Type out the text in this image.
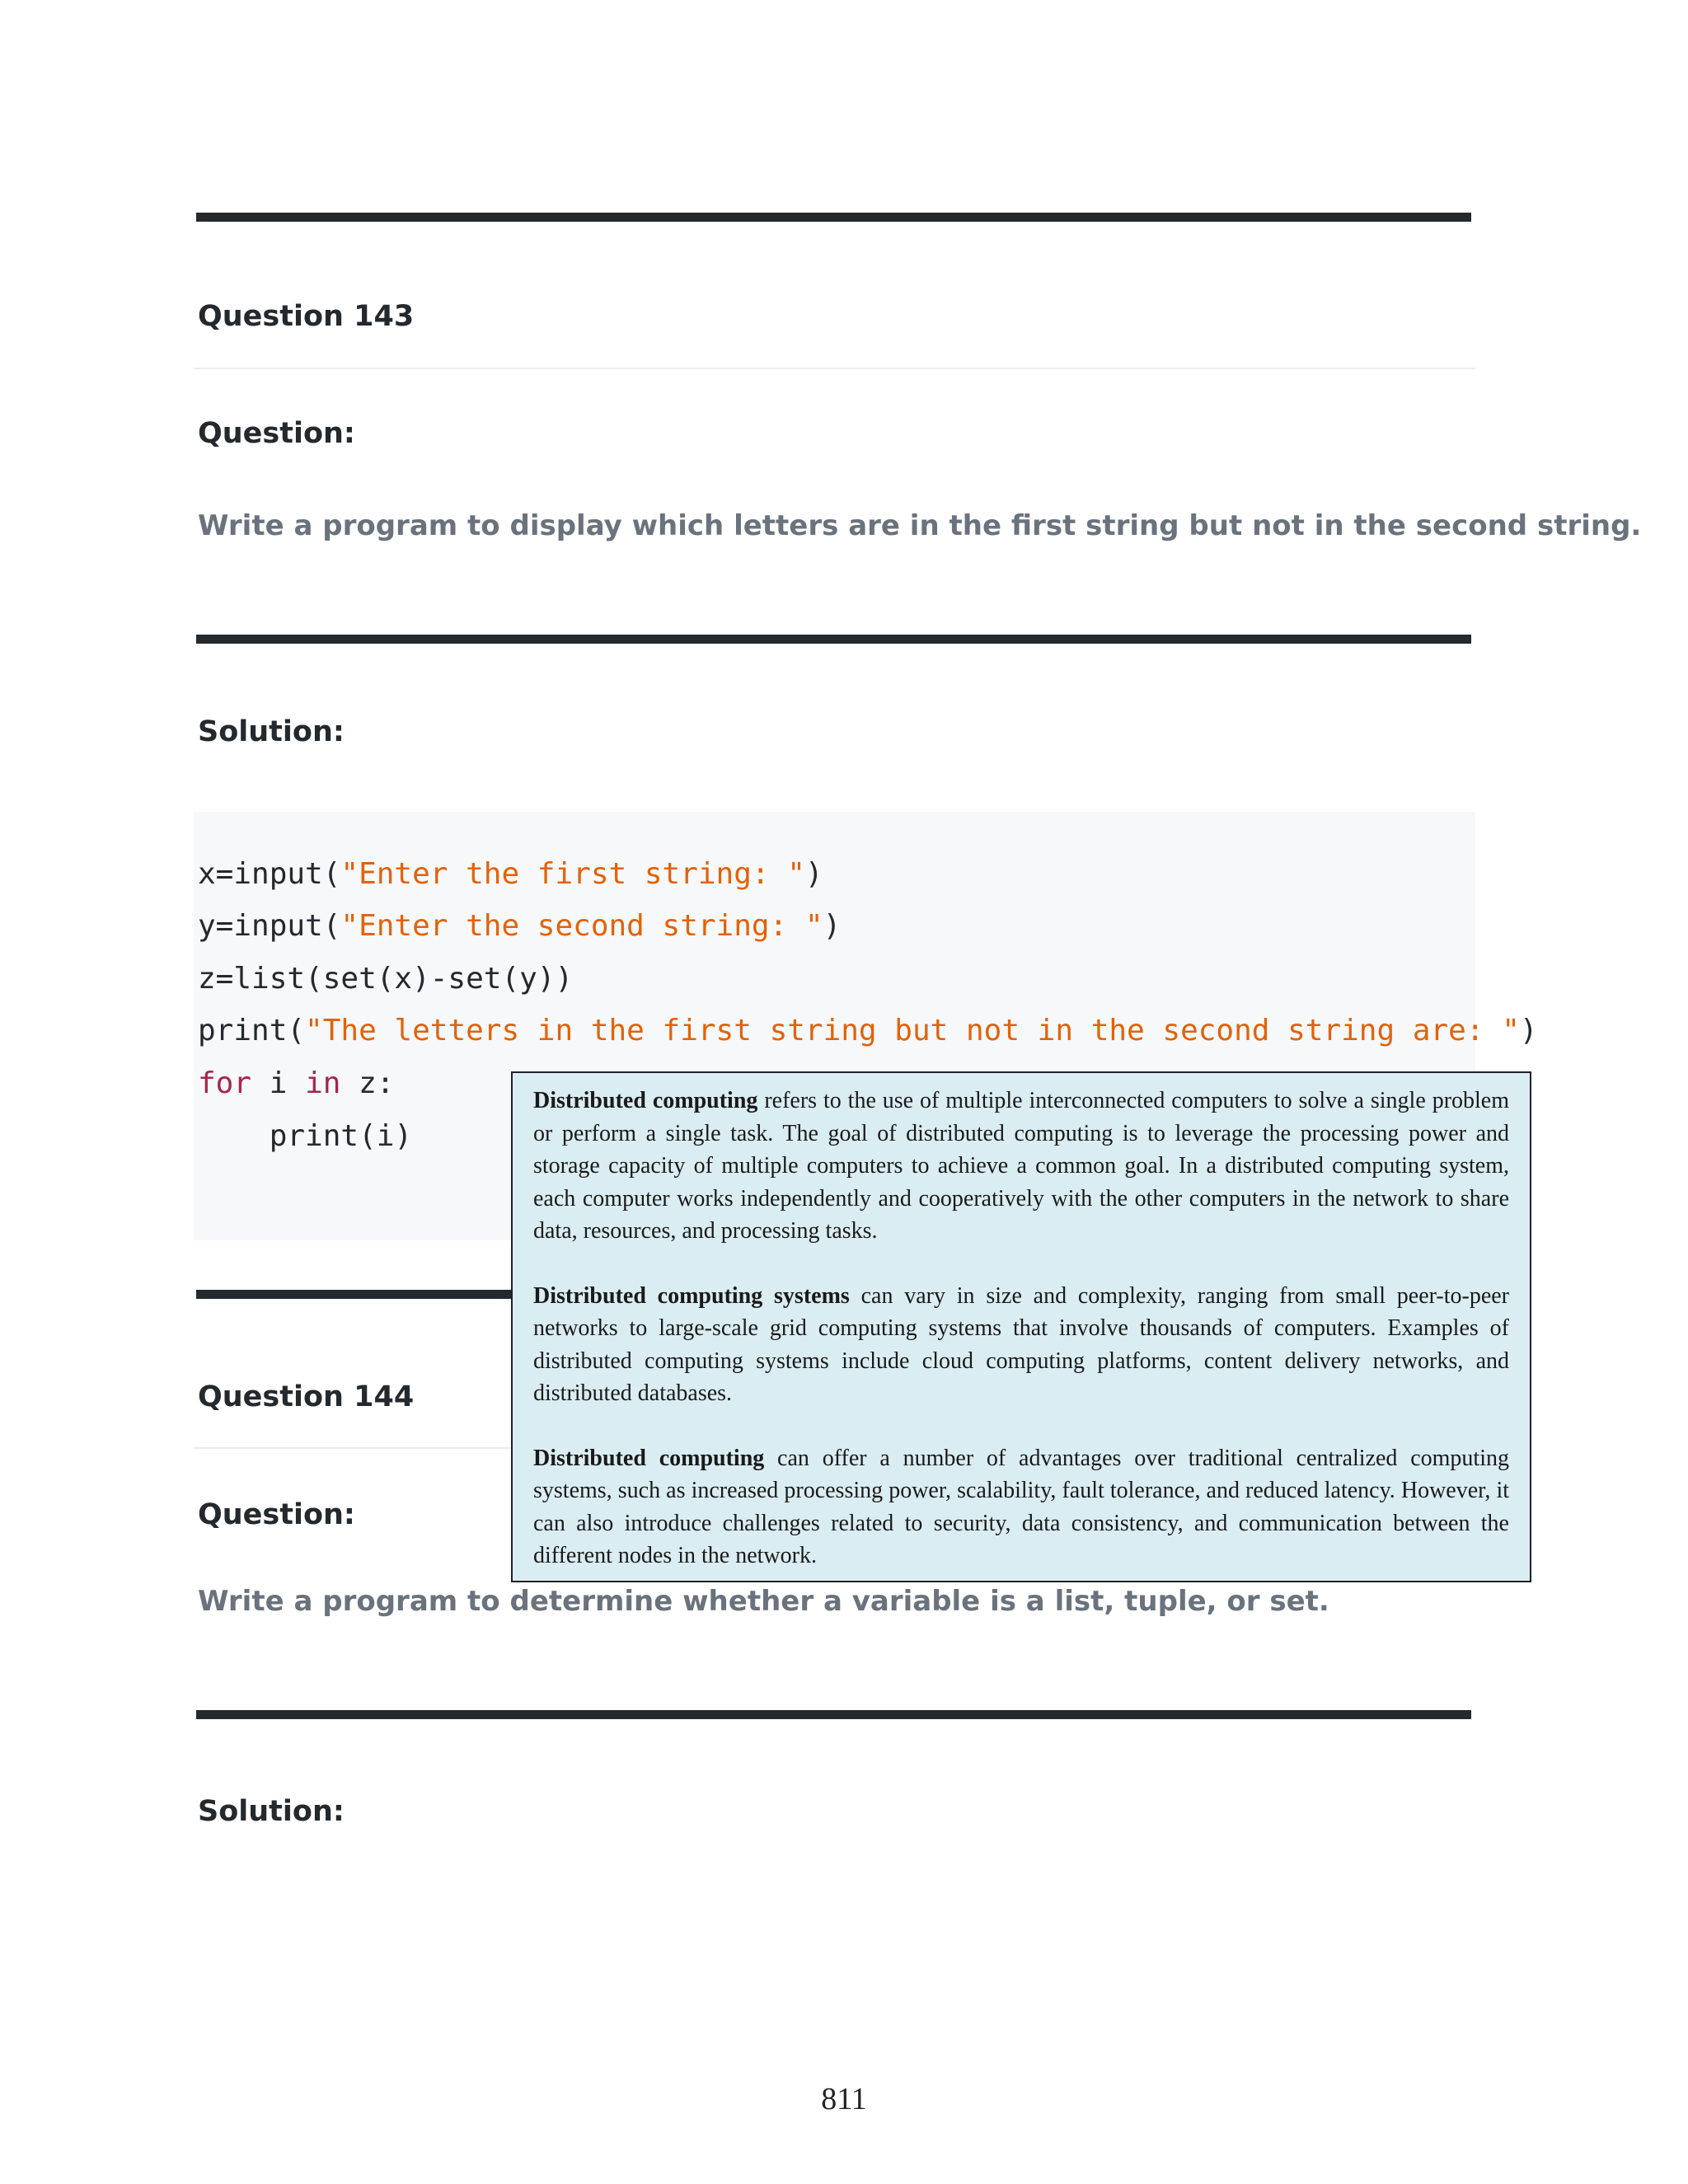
Question 143
Question:
Write a program to display which letters are in the first string but not in the second string.
Solution:
x=input("Enter the first string: ")
y=input("Enter the second string: ")
z=list(set(x)-set(y))
print("The letters in the first string but not in the second string are: ")
for i in z:
print(i)
Question 144
Question:
Write a program to determine whether a variable is a list, tuple, or set.
Solution:

Distributed computing refers to the use of multiple interconnected computers to solve a single problem or perform a single task. The goal of distributed computing is to leverage the processing power and storage capacity of multiple computers to achieve a common goal. In a distributed computing system, each computer works independently and cooperatively with the other computers in the network to share data, resources, and processing tasks.

Distributed computing systems can vary in size and complexity, ranging from small peer-to-peer networks to large-scale grid computing systems that involve thousands of computers. Examples of distributed computing systems include cloud computing platforms, content delivery networks, and distributed databases.

Distributed computing can offer a number of advantages over traditional centralized computing systems, such as increased processing power, scalability, fault tolerance, and reduced latency. However, it can also introduce challenges related to security, data consistency, and communication between the different nodes in the network.

811
